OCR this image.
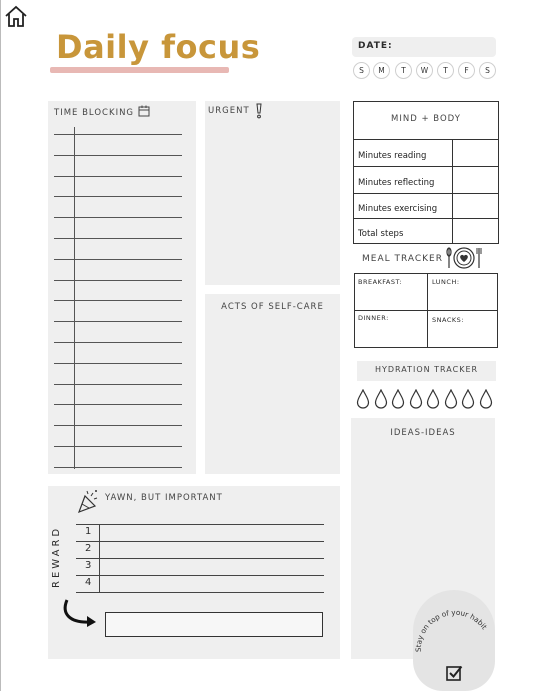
Daily focus	DATE:
S	M	T	W	T	F	S
TIME BLOCKING	URGENT
ACTS OF SELF-CARE
MIND + BODY
Minutes reading
Minutes reflecting
Minutes exercising
Total steps
MEAL TRACKER
BREAKFAST:	LUNCH:
DINNER:	SNACKS:
HYDRATION TRACKER
IDEAS-IDEAS
Stay on top of your habit
YAWN, BUT IMPORTANT
REWARD 1
2
3
4
